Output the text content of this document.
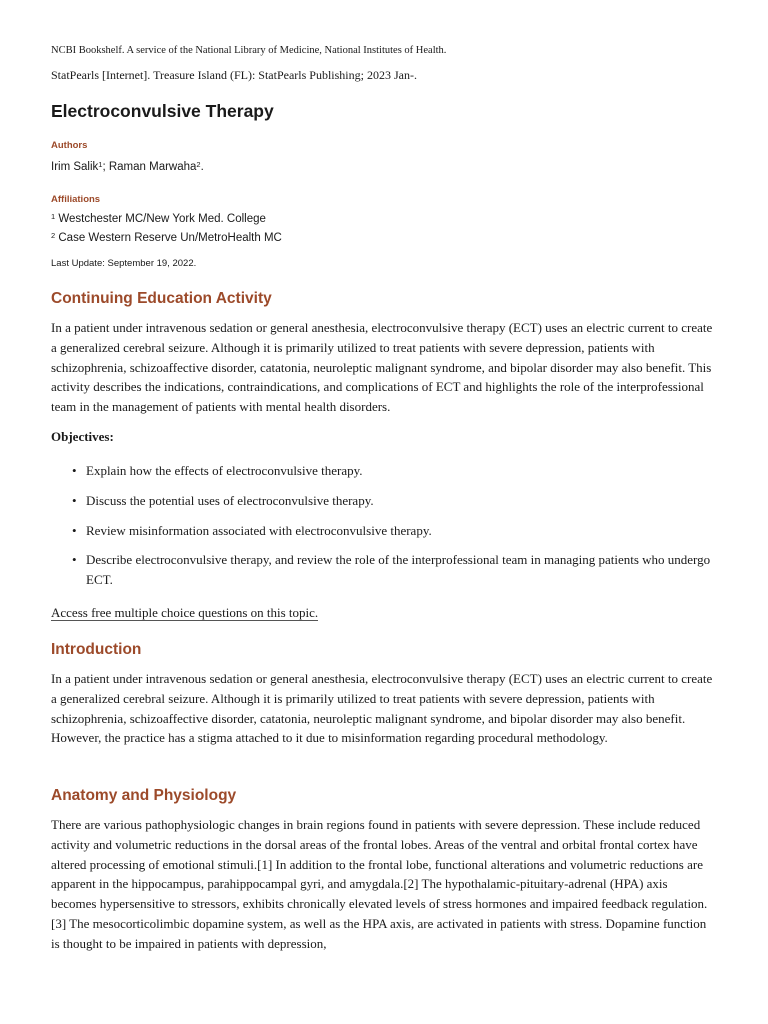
NCBI Bookshelf. A service of the National Library of Medicine, National Institutes of Health.
StatPearls [Internet]. Treasure Island (FL): StatPearls Publishing; 2023 Jan-.
Electroconvulsive Therapy
Authors
Irim Salik$^1$; Raman Marwaha$^2$.
Affiliations
$^1$ Westchester MC/New York Med. College
$^2$ Case Western Reserve Un/MetroHealth MC
Last Update: September 19, 2022.
Continuing Education Activity

In a patient under intravenous sedation or general anesthesia, electroconvulsive therapy (ECT) uses an electric current to create a generalized cerebral seizure. Although it is primarily utilized to treat patients with severe depression, patients with schizophrenia, schizoaffective disorder, catatonia, neuroleptic malignant syndrome, and bipolar disorder may also benefit. This activity describes the indications, contraindications, and complications of ECT and highlights the role of the interprofessional team in the management of patients with mental health disorders.

Objectives:
• Explain how the effects of electroconvulsive therapy.
• Discuss the potential uses of electroconvulsive therapy.
• Review misinformation associated with electroconvulsive therapy.
• Describe electroconvulsive therapy, and review the role of the interprofessional team in managing patients who undergo ECT.
Access free multiple choice questions on this topic.
Introduction

In a patient under intravenous sedation or general anesthesia, electroconvulsive therapy (ECT) uses an electric current to create a generalized cerebral seizure. Although it is primarily utilized to treat patients with severe depression, patients with schizophrenia, schizoaffective disorder, catatonia, neuroleptic malignant syndrome, and bipolar disorder may also benefit. However, the practice has a stigma attached to it due to misinformation regarding procedural methodology.

Anatomy and Physiology

There are various pathophysiologic changes in brain regions found in patients with severe depression. These include reduced activity and volumetric reductions in the dorsal areas of the frontal lobes. Areas of the ventral and orbital frontal cortex have altered processing of emotional stimuli.[1] In addition to the frontal lobe, functional alterations and volumetric reductions are apparent in the hippocampus, parahippocampal gyri, and amygdala.[2] The hypothalamic-pituitary-adrenal (HPA) axis becomes hypersensitive to stressors, exhibits chronically elevated levels of stress hormones and impaired feedback regulation. [3] The mesocorticolimbic dopamine system, as well as the HPA axis, are activated in patients with stress. Dopamine function is thought to be impaired in patients with depression,
